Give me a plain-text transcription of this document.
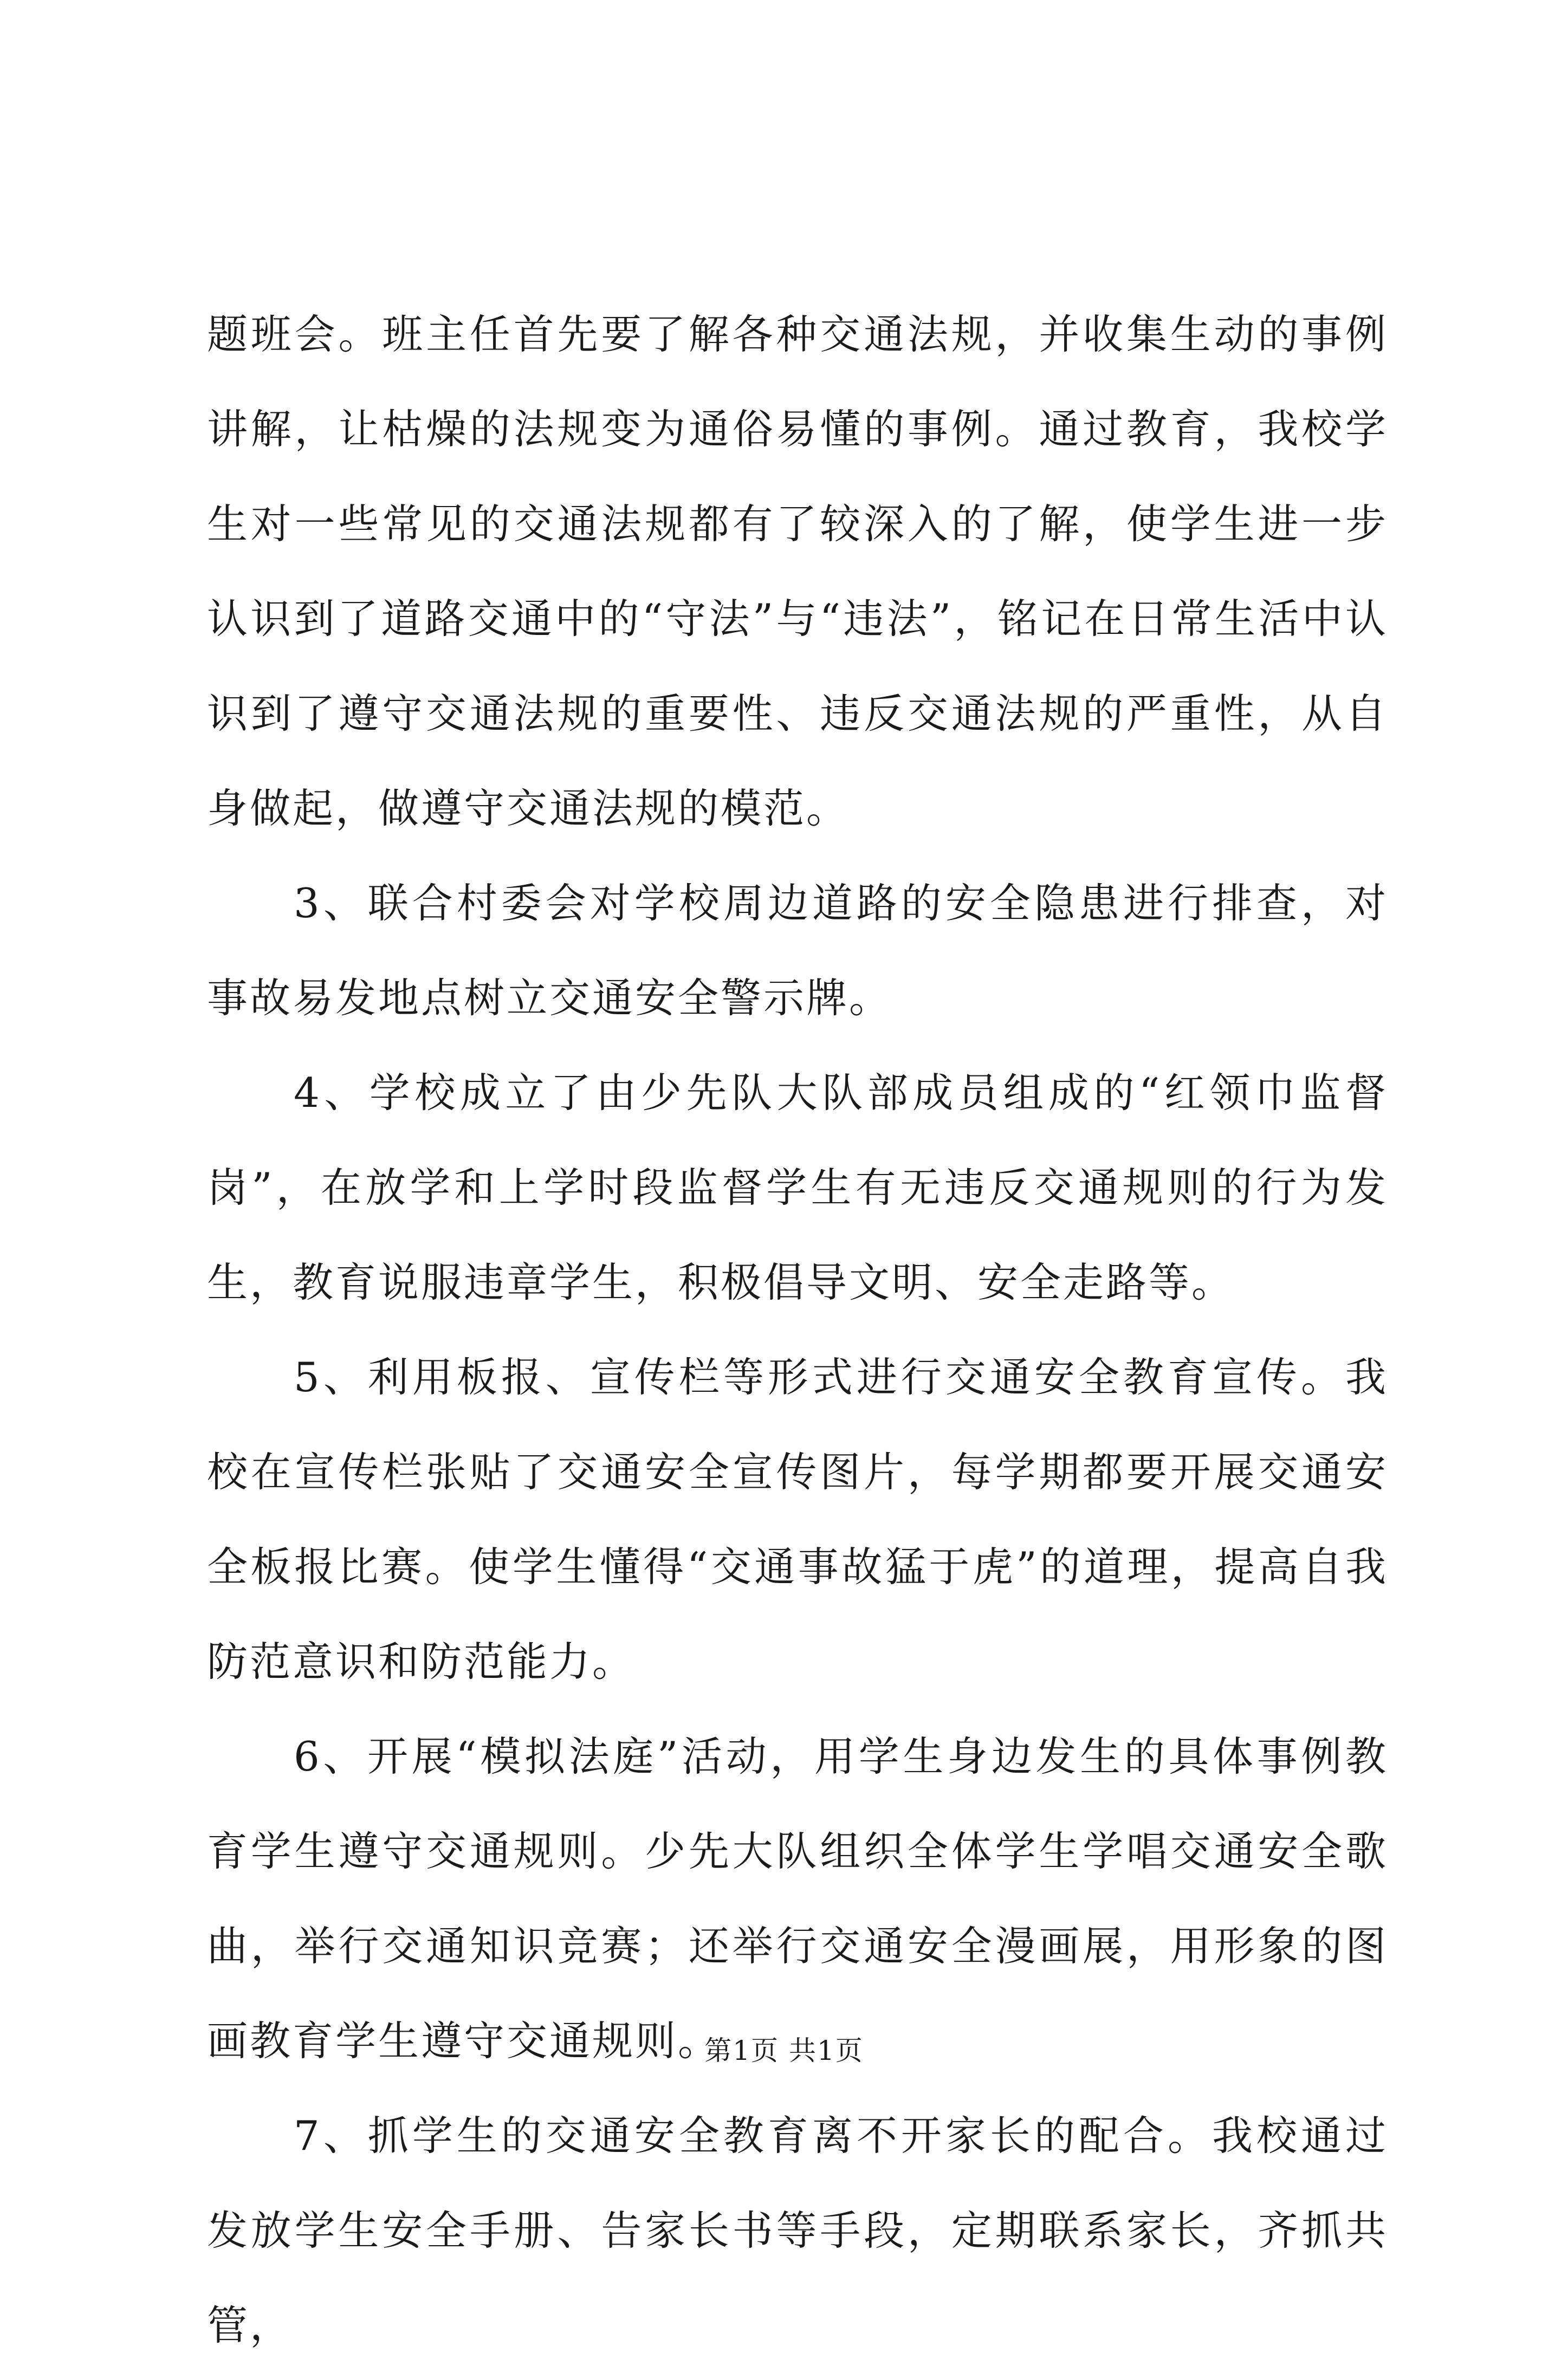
题班会。班主任首先要了解各种交通法规，并收集生动的事例讲解，让枯燥的法规变为通俗易懂的事例。通过教育，我校学生对一些常见的交通法规都有了较深入的了解，使学生进一步认识到了道路交通中的“守法”与“违法”，铭记在日常生活中认识到了遵守交通法规的重要性、违反交通法规的严重性，从自身做起，做遵守交通法规的模范。

3、联合村委会对学校周边道路的安全隐患进行排查，对事故易发地点树立交通安全警示牌。

4、学校成立了由少先队大队部成员组成的“红领巾监督岗”，在放学和上学时段监督学生有无违反交通规则的行为发生，教育说服违章学生，积极倡导文明、安全走路等。

5、利用板报、宣传栏等形式进行交通安全教育宣传。我校在宣传栏张贴了交通安全宣传图片，每学期都要开展交通安全板报比赛。使学生懂得“交通事故猛于虎”的道理，提高自我防范意识和防范能力。

6、开展“模拟法庭”活动，用学生身边发生的具体事例教育学生遵守交通规则。少先大队组织全体学生学唱交通安全歌曲，举行交通知识竞赛；还举行交通安全漫画展，用形象的图画教育学生遵守交通规则。

7、抓学生的交通安全教育离不开家长的配合。我校通过发放学生安全手册、告家长书等手段，定期联系家长，齐抓共管，

第1页 共1页
